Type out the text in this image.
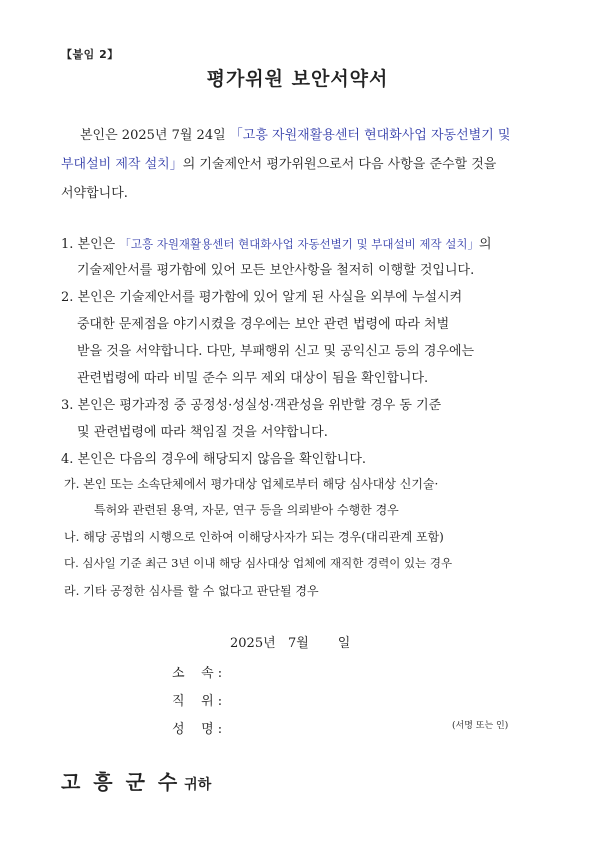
【붙임 2】
평가위원 보안서약서
본인은 2025년 7월 24일 「고흥 자원재활용센터 현대화사업 자동선별기 및
부대설비 제작 설치」의 기술제안서 평가위원으로서 다음 사항을 준수할 것을
서약합니다.
1. 본인은 「고흥 자원재활용센터 현대화사업 자동선별기 및 부대설비 제작 설치」의
기술제안서를 평가함에 있어 모든 보안사항을 철저히 이행할 것입니다.
2. 본인은 기술제안서를 평가함에 있어 알게 된 사실을 외부에 누설시켜
중대한 문제점을 야기시켰을 경우에는 보안 관련 법령에 따라 처벌
받을 것을 서약합니다. 다만, 부패행위 신고 및 공익신고 등의 경우에는
관련법령에 따라 비밀 준수 의무 제외 대상이 됨을 확인합니다.
3. 본인은 평가과정 중 공정성·성실성·객관성을 위반할 경우 동 기준
및 관련법령에 따라 책임질 것을 서약합니다.
4. 본인은 다음의 경우에 해당되지 않음을 확인합니다.
가. 본인 또는 소속단체에서 평가대상 업체로부터 해당 심사대상 신기술·
특허와 관련된 용역, 자문, 연구 등을 의뢰받아 수행한 경우
나. 해당 공법의 시행으로 인하여 이해당사자가 되는 경우(대리관계 포함)
다. 심사일 기준 최근 3년 이내 해당 심사대상 업체에 재직한 경력이 있는 경우
라. 기타 공정한 심사를 할 수 없다고 판단될 경우
2025년   7월       일
소    속 :
직    위 :
성    명 :	(서명 또는 인)
고 흥 군 수 귀하
